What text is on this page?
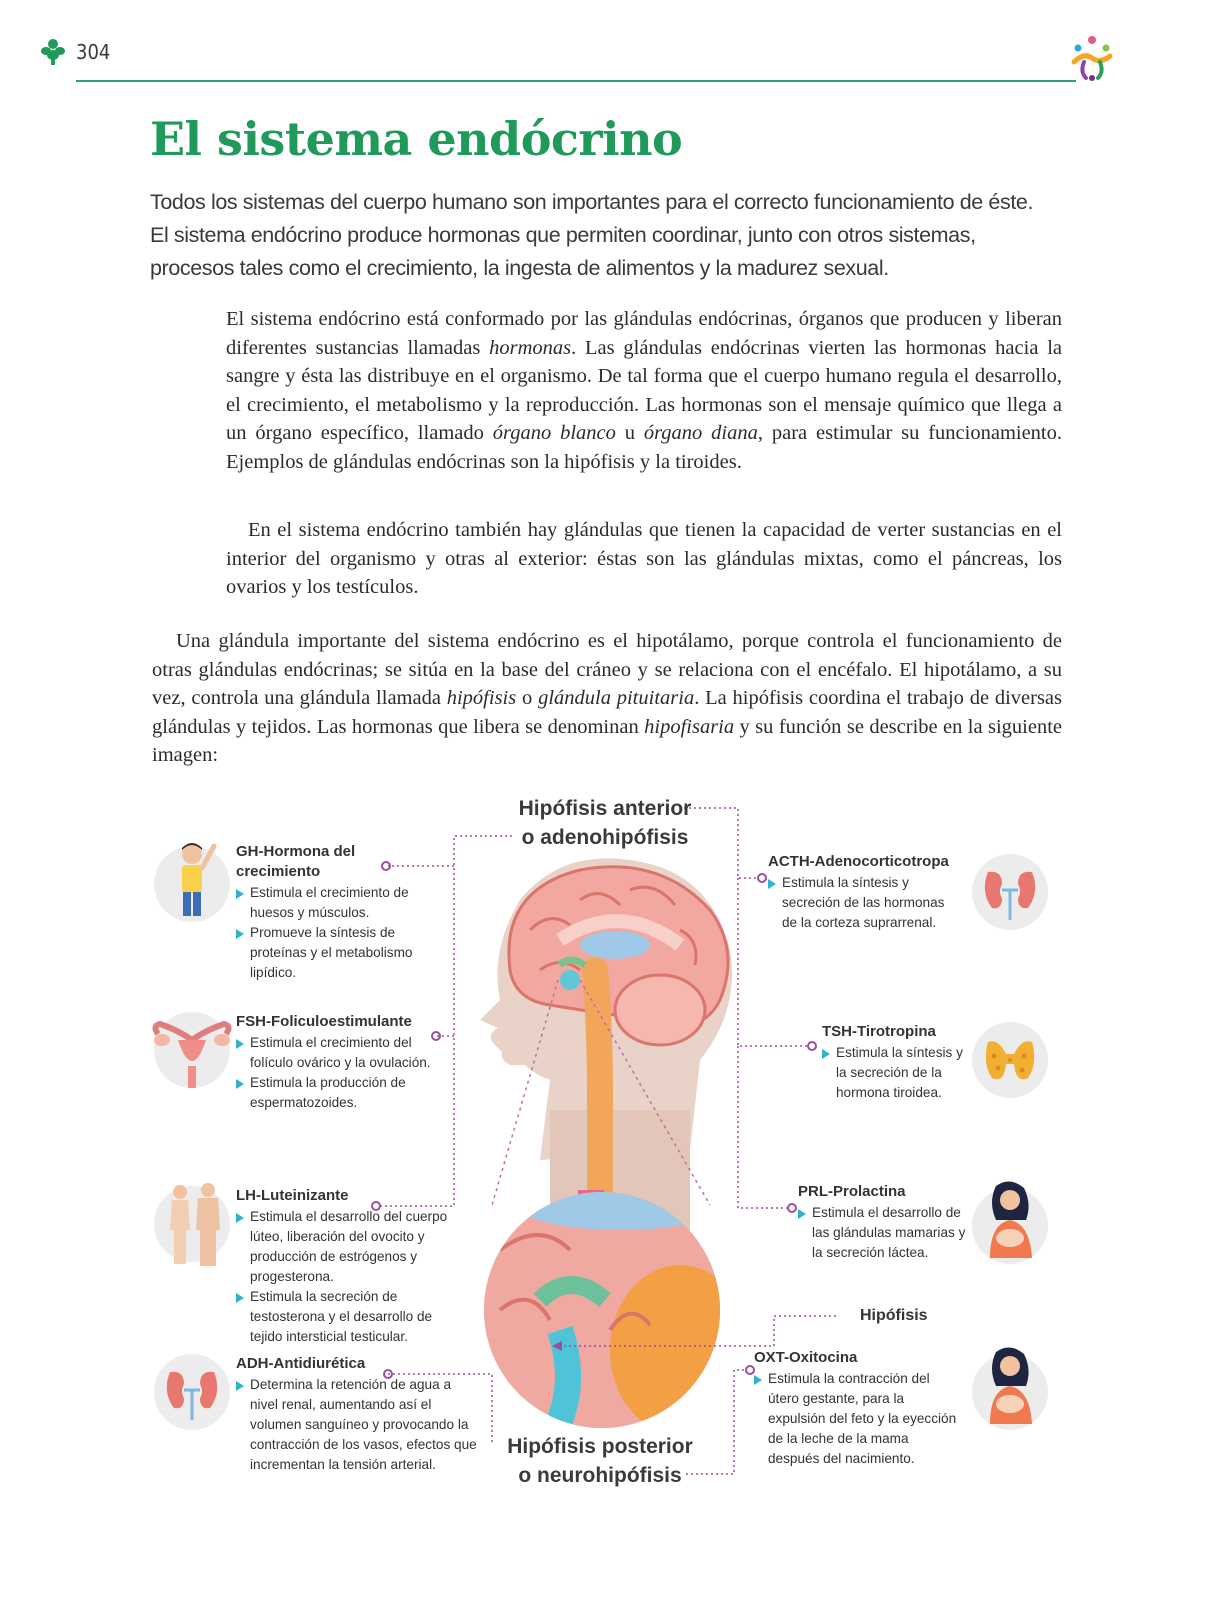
304
El sistema endócrino
Todos los sistemas del cuerpo humano son importantes para el correcto funcionamiento de éste. El sistema endócrino produce hormonas que permiten coordinar, junto con otros sistemas, procesos tales como el crecimiento, la ingesta de alimentos y la madurez sexual.

El sistema endócrino está conformado por las glándulas endócrinas, órganos que producen y liberan diferentes sustancias llamadas hormonas. Las glándulas endócrinas vierten las hormonas hacia la sangre y ésta las distribuye en el organismo. De tal forma que el cuerpo humano regula el desarrollo, el crecimiento, el metabolismo y la reproducción. Las hormonas son el mensaje químico que llega a un órgano específico, llamado órgano blanco u órgano diana, para estimular su funcionamiento. Ejemplos de glándulas endócrinas son la hipófisis y la tiroides.

En el sistema endócrino también hay glándulas que tienen la capacidad de verter sustancias en el interior del organismo y otras al exterior: éstas son las glándulas mixtas, como el páncreas, los ovarios y los testículos.

Una glándula importante del sistema endócrino es el hipotálamo, porque controla el funcionamiento de otras glándulas endócrinas; se sitúa en la base del cráneo y se relaciona con el encéfalo. El hipotálamo, a su vez, controla una glándula llamada hipófisis o glándula pituitaria. La hipófisis coordina el trabajo de diversas glándulas y tejidos. Las hormonas que libera se denominan hipofisaria y su función se describe en la siguiente imagen:

Hipófisis anterior
o adenohipófisis
Hipófisis posterior
o neurohipófisis
Hipófisis
GH-Hormona del
crecimiento
Estimula el crecimiento de huesos y músculos.
Promueve la síntesis de proteínas y el metabolismo lipídico.
FSH-Foliculoestimulante
Estimula el crecimiento del folículo ovárico y la ovulación.
Estimula la producción de espermatozoides.
LH-Luteinizante
Estimula el desarrollo del cuerpo lúteo, liberación del ovocito y producción de estrógenos y progesterona.
Estimula la secreción de testosterona y el desarrollo de tejido intersticial testicular.
ADH-Antidiurética
Determina la retención de agua a nivel renal, aumentando así el volumen sanguíneo y provocando la contracción de los vasos, efectos que incrementan la tensión arterial.
ACTH-Adenocorticotropa
Estimula la síntesis y secreción de las hormonas de la corteza suprarrenal.
TSH-Tirotropina
Estimula la síntesis y la secreción de la hormona tiroidea.
PRL-Prolactina
Estimula el desarrollo de las glándulas mamarias y la secreción láctea.
OXT-Oxitocina
Estimula la contracción del útero gestante, para la expulsión del feto y la eyección de la leche de la mama después del nacimiento.
